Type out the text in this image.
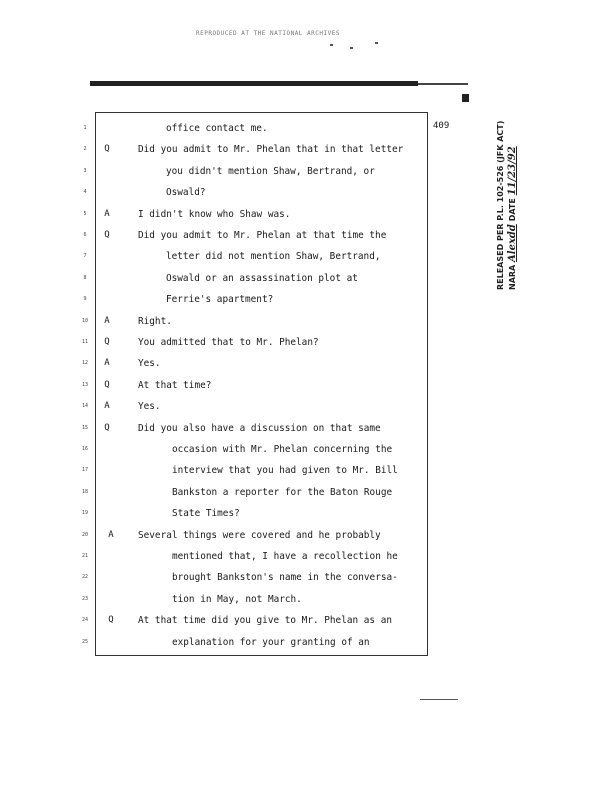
REPRODUCED AT THE NATIONAL ARCHIVES
409
1	office contact me.
2	Q	Did you admit to Mr. Phelan that in that letter
3	you didn't mention Shaw, Bertrand, or
4	Oswald?
5	A	I didn't know who Shaw was.
6	Q	Did you admit to Mr. Phelan at that time the
7	letter did not mention Shaw, Bertrand,
8	Oswald or an assassination plot at
9	Ferrie's apartment?
10	A	Right.
11	Q	You admitted that to Mr. Phelan?
12	A	Yes.
13	Q	At that time?
14	A	Yes.
15	Q	Did you also have a discussion on that same
16	occasion with Mr. Phelan concerning the
17	interview that you had given to Mr. Bill
18	Bankston a reporter for the Baton Rouge
19	State Times?
20	A	Several things were covered and he probably
21	mentioned that, I have a recollection he
22	brought Bankston's name in the conversa-
23	tion in May, not March.
24	Q	At that time did you give to Mr. Phelan as an
25	explanation for your granting of an
RELEASED PER P.L. 102-526 (JFK ACT) NARA Alexdd DATE 11/23/92
